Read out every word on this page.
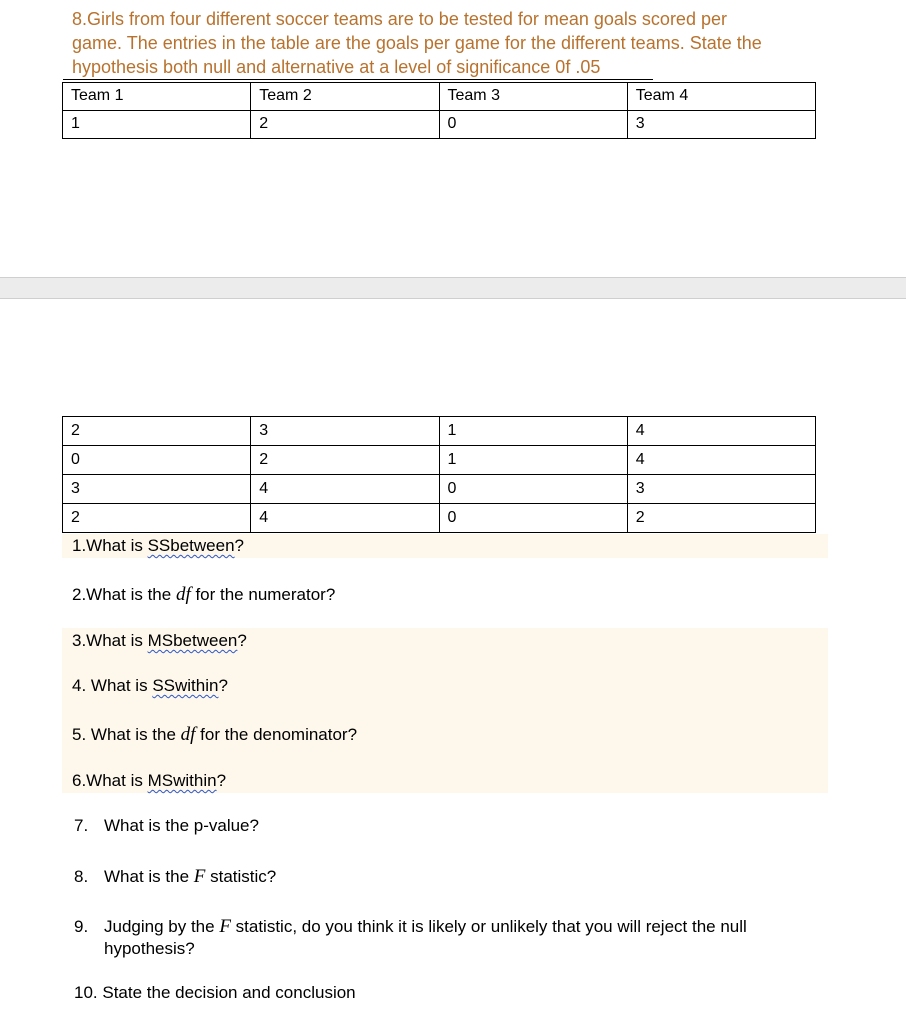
8.Girls from four different soccer teams are to be tested for mean goals scored per
game. The entries in the table are the goals per game for the different teams. State the
hypothesis both null and alternative at a level of significance 0f .05
Team 1	Team 2	Team 3	Team 4
1	2	0	3
2	3	1	4
0	2	1	4
3	4	0	3
2	4	0	2
1.What is SSbetween?
2.What is the df for the numerator?
3.What is MSbetween?
4. What is SSwithin?
5. What is the df for the denominator?
6.What is MSwithin?
7. What is the p-value?
8. What is the F statistic?
9. Judging by the F statistic, do you think it is likely or unlikely that you will reject the null
hypothesis?
10. State the decision and conclusion
